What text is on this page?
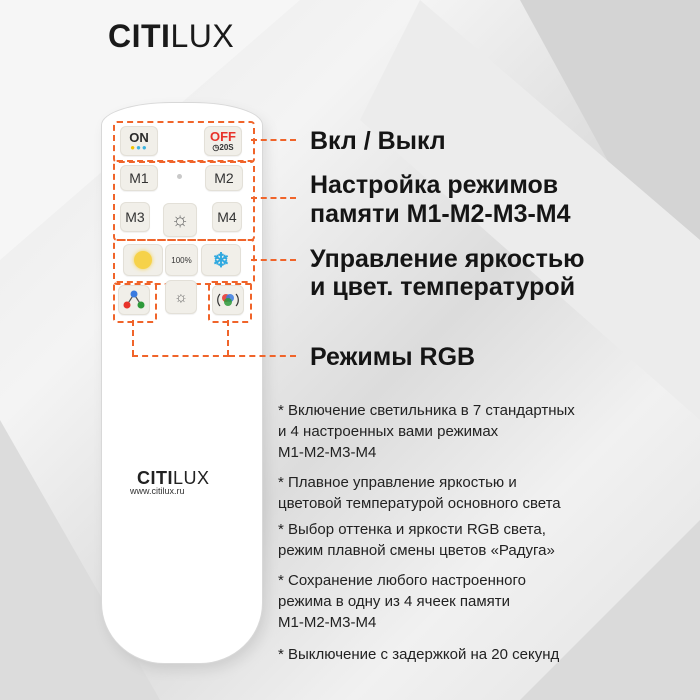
CITILUX
ON
●●●
OFF
◷20S
M1	M2
M3	M4
☼
100% ❄
☼
CITILUX
www.citilux.ru
Вкл / Выкл
Настройка режимов
памяти М1-М2-М3-М4
Управление яркостью
и цвет. температурой
Режимы RGB
* Включение светильника в 7 стандартных
и 4 настроенных вами режимах
М1-М2-М3-М4
* Плавное управление яркостью и
цветовой температурой основного света
* Выбор оттенка и яркости RGB света,
режим плавной смены цветов «Радуга»
* Сохранение любого настроенного
режима в одну из 4 ячеек памяти
М1-М2-М3-М4
* Выключение с задержкой на 20 секунд
